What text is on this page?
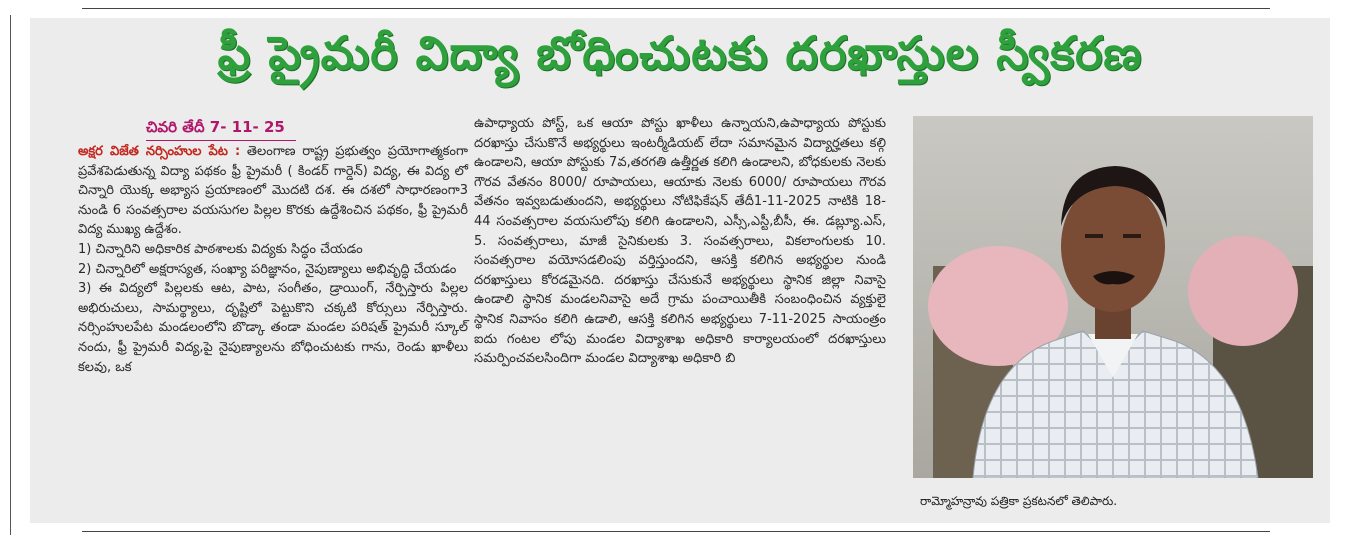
ఫ్రీ ప్రైమరీ విద్యా బోధించుటకు దరఖాస్తుల స్వీకరణ
చివరి తేదీ 7- 11- 25

అక్షర విజేత నర్సింహుల పేట : తెలంగాణ రాష్ట్ర ప్రభుత్వం ప్రయోగాత్మకంగా ప్రవేశపెడుతున్న విద్యా పథకం ఫ్రీ ప్రైమరీ ( కిండర్ గార్డెన్) విద్య, ఈ విద్య లో చిన్నారి యొక్క అభ్యాస ప్రయాణంలో మొదటి దశ. ఈ దశలో సాధారణంగా3 నుండి 6 సంవత్సరాల వయసుగల పిల్లల కొరకు ఉద్దేశించిన పథకం, ఫ్రీ ప్రైమరీ విద్య ముఖ్య ఉద్దేశం.

1) చిన్నారిని అధికారిక పాఠశాలకు విద్యకు సిద్ధం చేయడం

2) చిన్నారిలో అక్షరాస్యత, సంఖ్యా పరిజ్ఞానం, నైపుణ్యాలు అభివృద్ధి చేయడం

3) ఈ విద్యలో పిల్లలకు ఆట, పాట, సంగీతం, డ్రాయింగ్, నేర్పిస్తారు పిల్లల అభిరుచులు, సామర్థ్యాలు, దృష్టిలో పెట్టుకొని చక్కటి కోర్సులు నేర్పిస్తారు. నర్సింహులపేట మండలంలోని బొడ్కా తండా మండల పరిషత్ ప్రైమరీ స్కూల్ నందు, ఫ్రీ ప్రైమరీ విద్య,పై నైపుణ్యాలను బోధించుటకు గాను, రెండు ఖాళీలు కలవు, ఒక

ఉపాధ్యాయ పోస్ట్, ఒక ఆయా పోస్టు ఖాళీలు ఉన్నాయని,ఉపాధ్యాయ పోస్టుకు దరఖాస్తు చేసుకొనే అభ్యర్థులు ఇంటర్మీడియట్ లేదా సమానమైన విద్యార్హతలు కల్గి ఉండాలని, ఆయా పోస్టుకు 7వ,తరగతి ఉత్తీర్ణత కలిగి ఉండాలని, బోధకులకు నెలకు గౌరవ వేతనం 8000/ రూపాయలు, ఆయాకు నెలకు 6000/ రూపాయలు గౌరవ వేతనం ఇవ్వబడుతుందని, అభ్యర్థులు నోటిఫికేషన్ తేదీ1-11-2025 నాటికి 18-44 సంవత్సరాల వయసులోపు కలిగి ఉండాలని, ఎస్సీ,ఎస్టీ,బీసీ, ఈ. డబ్ల్యూ.ఎస్, 5. సంవత్సరాలు, మాజీ సైనికులకు 3. సంవత్సరాలు, వికలాంగులకు 10. సంవత్సరాల వయోసడలింపు వర్తిస్తుందని, ఆసక్తి కలిగిన అభ్యర్థుల నుండి దరఖాస్తులు కోరడమైనది. దరఖాస్తు చేసుకునే అభ్యర్థులు స్థానిక జిల్లా నివాసై ఉండాలి స్థానిక మండలనివాసై అదే గ్రామ పంచాయితీకి సంబంధించిన వ్యక్తులై స్థానిక నివాసం కలిగి ఉడాలి, ఆసక్తి కలిగిన అభ్యర్థులు 7-11-2025 సాయంత్రం ఐదు గంటల లోపు మండల విద్యాశాఖ అధికారి కార్యాలయంలో దరఖాస్తులు సమర్పించవలసిందిగా మండల విద్యాశాఖ అధికారి బి

రామ్మోహన్రావు పత్రికా ప్రకటనలో తెలిపారు.
